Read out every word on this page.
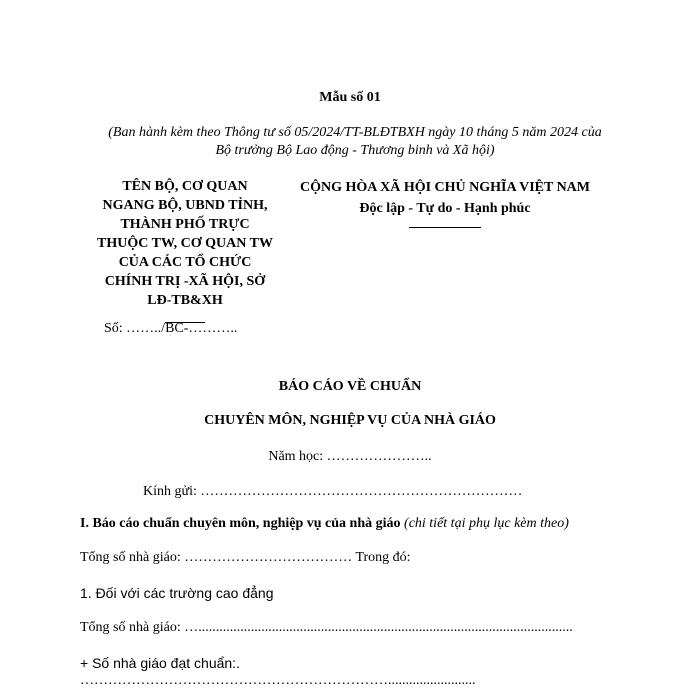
Mẫu số 01
(Ban hành kèm theo Thông tư số 05/2024/TT-BLĐTBXH ngày 10 tháng 5 năm 2024 của
Bộ trưởng Bộ Lao động - Thương binh và Xã hội)
TÊN BỘ, CƠ QUAN
NGANG BỘ, UBND TỈNH,
THÀNH PHỐ TRỰC
THUỘC TW, CƠ QUAN TW
CỦA CÁC TỔ CHỨC
CHÍNH TRỊ -XÃ HỘI, SỞ
LĐ-TB&XH
Số: ……../BC-………..
CỘNG HÒA XÃ HỘI CHỦ NGHĨA VIỆT NAM
Độc lập - Tự do - Hạnh phúc
BÁO CÁO VỀ CHUẨN
CHUYÊN MÔN, NGHIỆP VỤ CỦA NHÀ GIÁO
Năm học: …………………..
Kính gửi: ……………………………………………………………
I. Báo cáo chuẩn chuyên môn, nghiệp vụ của nhà giáo (chi tiết tại phụ lục kèm theo)
Tổng số nhà giáo: ……………………………… Trong đó:
1. Đối với các trường cao đẳng
Tổng số nhà giáo: …...........................................................................................................
+ Số nhà giáo đạt chuẩn:.
………………………………………………………….........................
